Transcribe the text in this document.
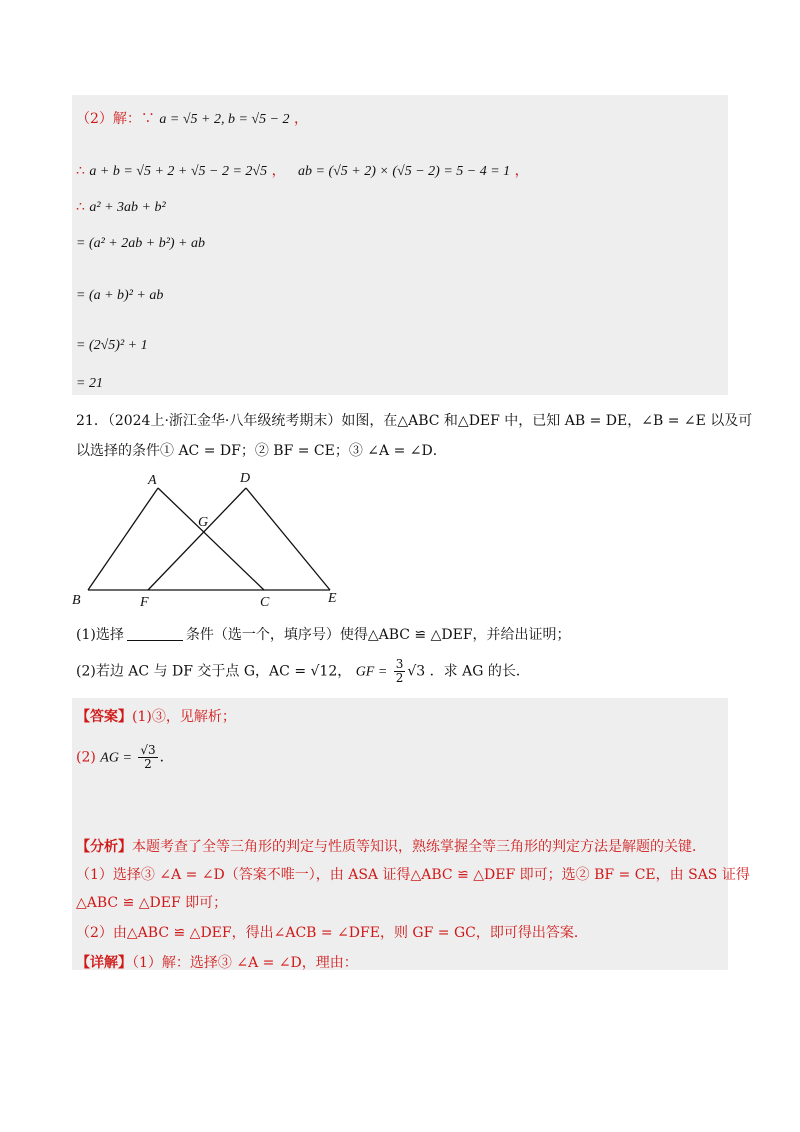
（2）解：∵ a = √5 + 2, b = √5 − 2 ，
∴ a + b = √5 + 2 + √5 − 2 = 2√5 ， ab = (√5 + 2) × (√5 − 2) = 5 − 4 = 1 ，
∴ a² + 3ab + b²
= (a² + 2ab + b²) + ab
= (a + b)² + ab
= (2√5)² + 1
= 21
21．（2024上·浙江金华·八年级统考期末）如图，在△ABC 和△DEF 中，已知 AB = DE，∠B = ∠E 以及可
以选择的条件① AC = DF；② BF = CE；③ ∠A = ∠D．
A	D
G
B	F	C	E
(1)选择	条件（选一个，填序号）使得△ABC ≌ △DEF，并给出证明；
(2)若边 AC 与 DF 交于点 G，AC = √12， GF = $\frac{3}{2} √3$ ．求 AG 的长．
【答案】(1)③，见解析；
(2) AG = $\frac{√3}{2}$ ．
【分析】本题考查了全等三角形的判定与性质等知识，熟练掌握全等三角形的判定方法是解题的关键．
（1）选择③ ∠A = ∠D（答案不唯一），由 ASA 证得△ABC ≌ △DEF 即可；选② BF = CE，由 SAS 证得
△ABC ≌ △DEF 即可；
（2）由△ABC ≌ △DEF，得出∠ACB = ∠DFE，则 GF = GC，即可得出答案．
【详解】（1）解：选择③ ∠A = ∠D，理由：
